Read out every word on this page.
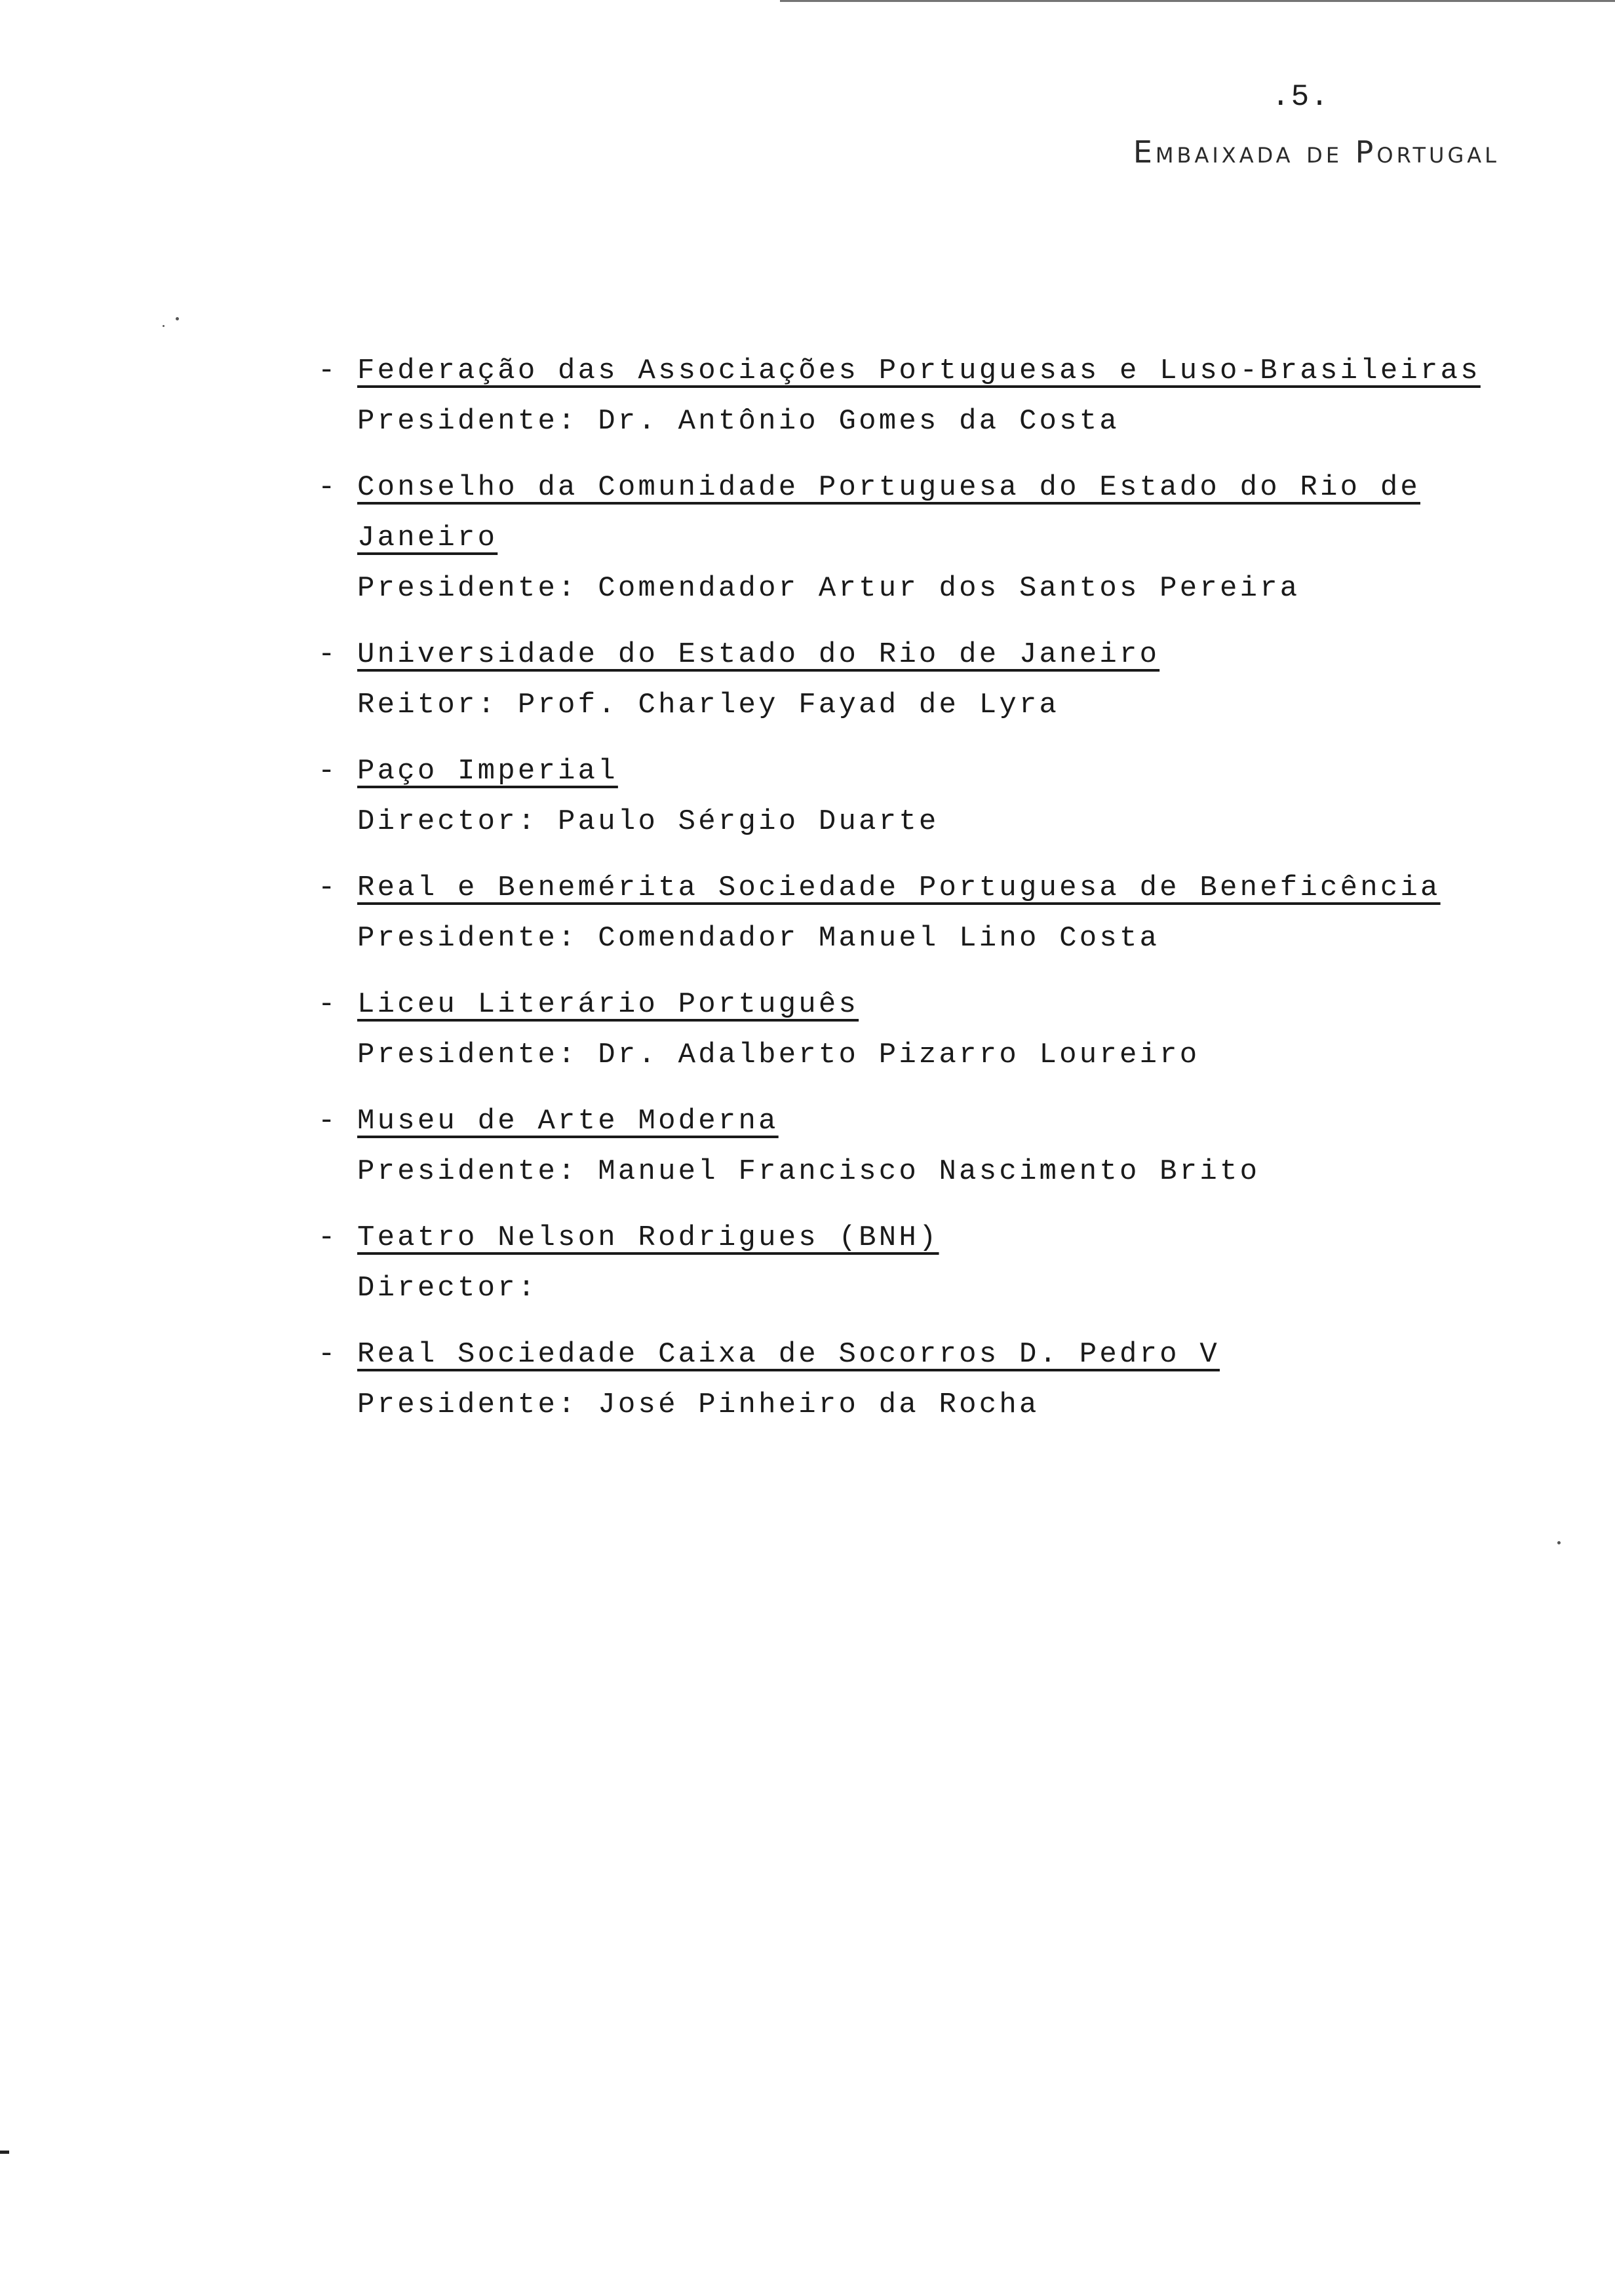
.5.
Embaixada de Portugal
- Federação das Associações Portuguesas e Luso-Brasileiras
Presidente: Dr. Antônio Gomes da Costa
- Conselho da Comunidade Portuguesa do Estado do Rio de Janeiro
Presidente: Comendador Artur dos Santos Pereira
- Universidade do Estado do Rio de Janeiro
Reitor: Prof. Charley Fayad de Lyra
- Paço Imperial
Director: Paulo Sérgio Duarte
- Real e Benemérita Sociedade Portuguesa de Beneficência
Presidente: Comendador Manuel Lino Costa
- Liceu Literário Português
Presidente: Dr. Adalberto Pizarro Loureiro
- Museu de Arte Moderna
Presidente: Manuel Francisco Nascimento Brito
- Teatro Nelson Rodrigues (BNH)
Director:
- Real Sociedade Caixa de Socorros D. Pedro V
Presidente: José Pinheiro da Rocha
